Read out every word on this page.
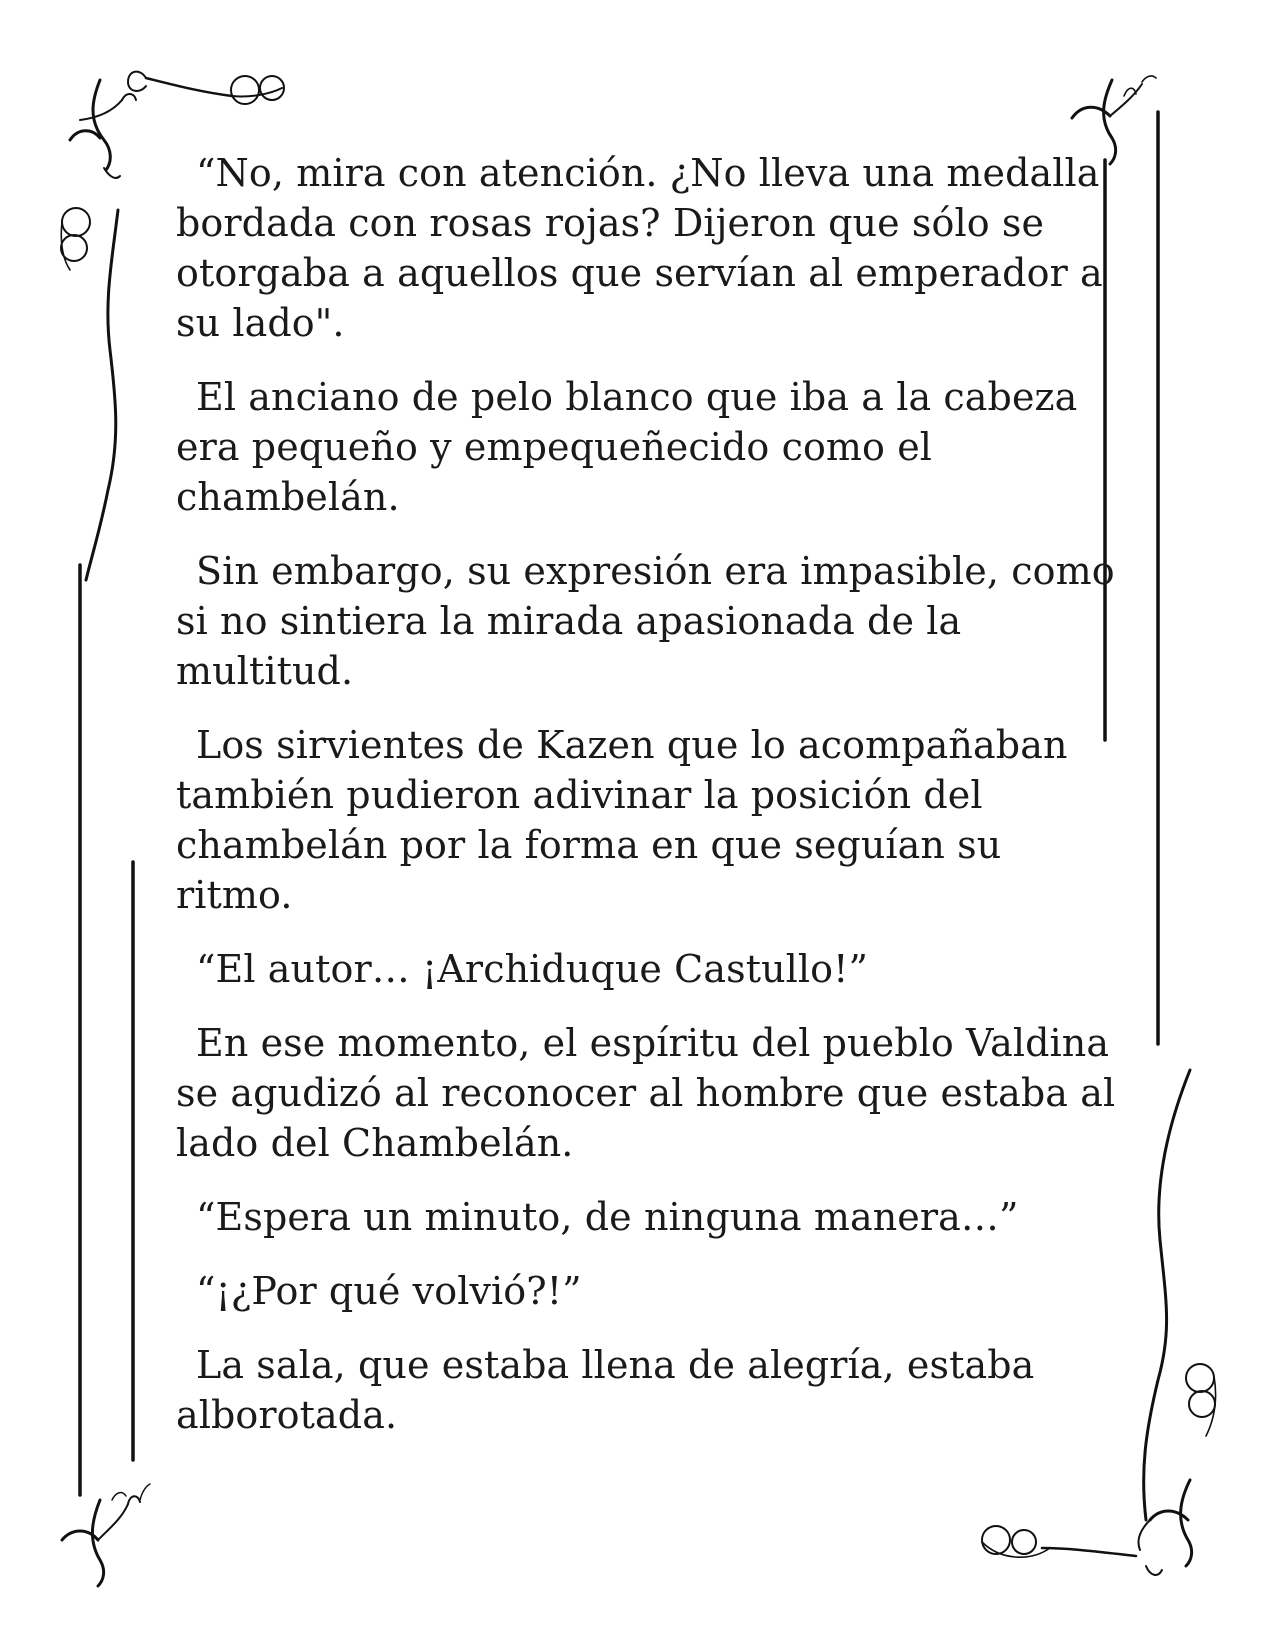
“No, mira con atención. ¿No lleva una medalla bordada con rosas rojas? Dijeron que sólo se otorgaba a aquellos que servían al emperador a su lado".

El anciano de pelo blanco que iba a la cabeza era pequeño y empequeñecido como el chambelán.

Sin embargo, su expresión era impasible, como si no sintiera la mirada apasionada de la multitud.

Los sirvientes de Kazen que lo acompañaban también pudieron adivinar la posición del chambelán por la forma en que seguían su ritmo.

“El autor… ¡Archiduque Castullo!”

En ese momento, el espíritu del pueblo Valdina se agudizó al reconocer al hombre que estaba al lado del Chambelán.

“Espera un minuto, de ninguna manera…”

“¡¿Por qué volvió?!”

La sala, que estaba llena de alegría, estaba alborotada.
